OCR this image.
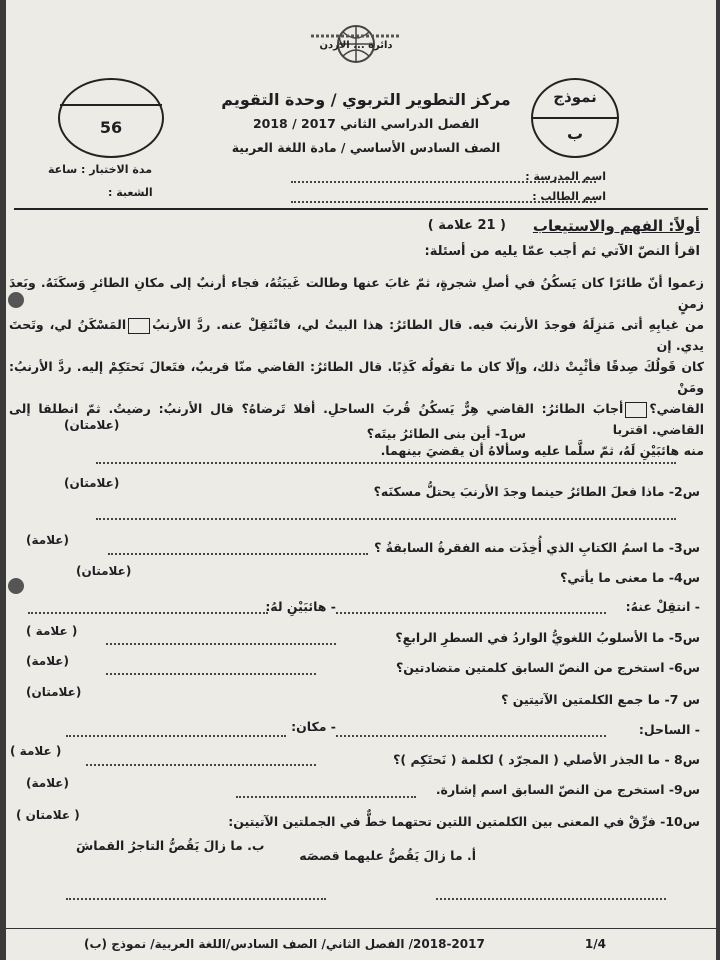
دائرة ... الأردن
مركز التطوير التربوي / وحدة التقويم
الفصل الدراسي الثاني 2017 / 2018
الصف السادس الأساسي / مادة اللغة العربية
نموذج
ب
56
اسم المدرسة :
اسم الطالب :
مدة الاختبار : ساعة
الشعبة :
أولاً: الفهم والاستيعاب
( 21 علامة )
اقرأ النصّ الآتي ثم أجب عمّا يليه من أسئلة:
زعموا أنّ طائرًا كان يَسكُنُ في أصلِ شجرةٍ، ثمّ غابَ عنها وطالت غَيبَتُهُ، فجاء أرنبٌ إلى مكانِ الطائرِ وَسكَنَهُ. وبَعدَ زمنٍ
من غيابِهِ أتى مَنزِلَهُ فوجدَ الأرنبَ فيه. قال الطائرُ: هذا البيتُ لي، فانْتَقِلْ عنه. ردَّ الأرنبُالمَسْكَنُ لي، وتَحتَ يدي. إن
كان قَولُكَ صِدقًا فأثْبِتْ ذلك، وإلّا كان ما تقولُه كَذِبًا. قال الطائرُ: القاضي منّا قريبٌ، فتَعالَ نَحتَكِمْ إليه. ردَّ الأرنبُ: ومَنْ
القاضي؟أجابَ الطائرُ: القاضي هِرٌّ يَسكُنُ قُربَ الساحلِ. أفلا تَرضاهُ؟ قال الأرنبُ: رضيتُ. ثمّ انطلقا إلى القاضي. اقتربا
منه هائبَيْنِ لَهُ، ثمّ سلَّما عليه وسألاهُ أن يقضيَ بينهما.
س1- أين بنى الطائرُ بيتَه؟
(علامتان)
س2- ماذا فعلَ الطائرُ حينما وجدَ الأرنبَ يحتلُّ مسكنَه؟
(علامتان)
س3- ما اسمُ الكتابِ الذي أُخِذَت منه الفقرةُ السابقةُ ؟
(علامة)
س4- ما معنى ما يأتي؟
(علامتان)
- انتقِلْ عنهُ:
- هائبَيْنِ لهُ:
س5- ما الأسلوبُ اللغويُّ الواردُ في السطرِ الرابعِ؟
( علامة )
س6- استخرج من النصّ السابق كلمتين متضادتين؟
(علامة)
س 7- ما جمع الكلمتين الآتيتين ؟
(علامتان)
- الساحل:
- مكان:
س8 - ما الجذر الأصلي ( المجرّد ) لكلمة ( نَحتَكِم )؟
( علامة )
س9- استخرج من النصّ السابق اسم إشارة.
(علامة)
س10- فرِّقْ في المعنى بين الكلمتين اللتين تحتهما خطٌّ في الجملتين الآتيتين:
( علامتان )
أ. ما زالَ يَقُصُّ عليهما قصصَه
ب. ما زالَ يَقُصُّ التاجرُ القماشَ
2018-2017/ الفصل الثاني/ الصف السادس/اللغة العربية/ نموذج (ب)	1/4
